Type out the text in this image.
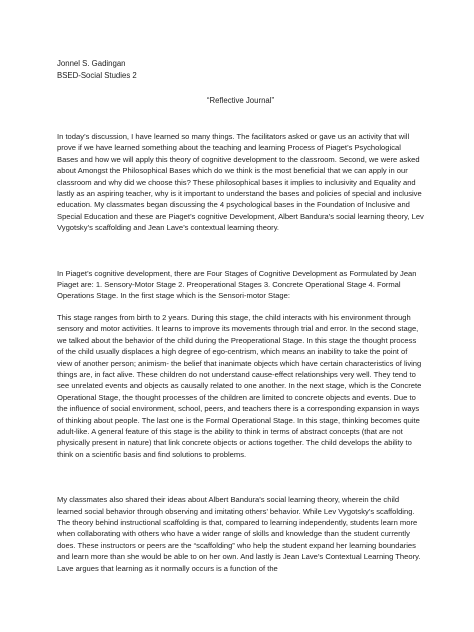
Jonnel S. Gadingan

BSED-Social Studies 2

“Reflective Journal”

In today’s discussion, I have learned so many things. The facilitators asked or gave us an activity that will prove if we have learned something about the teaching and learning Process of Piaget’s Psychological Bases and how we will apply this theory of cognitive development to the classroom. Second, we were asked about Amongst the Philosophical Bases which do we think is the most beneficial that we can apply in our classroom and why did we choose this? These philosophical bases it implies to inclusivity and Equality and lastly as an aspiring teacher, why is it important to understand the bases and policies of special and inclusive education. My classmates began discussing the 4 psychological bases in the Foundation of Inclusive and Special Education and these are Piaget’s cognitive Development, Albert Bandura’s social learning theory, Lev Vygotsky’s scaffolding and Jean Lave’s contextual learning theory.

In Piaget’s cognitive development, there are Four Stages of Cognitive Development as Formulated by Jean Piaget are: 1. Sensory-Motor Stage 2. Preoperational Stages 3. Concrete Operational Stage 4. Formal Operations Stage. In the first stage which is the Sensori-motor Stage:

This stage ranges from birth to 2 years. During this stage, the child interacts with his environment through sensory and motor activities. It learns to improve its movements through trial and error. In the second stage, we talked about the behavior of the child during the Preoperational Stage. In this stage the thought process of the child usually displaces a high degree of ego-centrism, which means an inability to take the point of view of another person; animism- the belief that inanimate objects which have certain characteristics of living things are, in fact alive. These children do not understand cause-effect relationships very well. They tend to see unrelated events and objects as causally related to one another. In the next stage, which is the Concrete Operational Stage, the thought processes of the children are limited to concrete objects and events. Due to the influence of social environment, school, peers, and teachers there is a corresponding expansion in ways of thinking about people. The last one is the Formal Operational Stage. In this stage, thinking becomes quite adult-like. A general feature of this stage is the ability to think in terms of abstract concepts (that are not physically present in nature) that link concrete objects or actions together. The child develops the ability to think on a scientific basis and find solutions to problems.

My classmates also shared their ideas about Albert Bandura’s social learning theory, wherein the child learned social behavior through observing and imitating others’ behavior. While Lev Vygotsky’s scaffolding. The theory behind instructional scaffolding is that, compared to learning independently, students learn more when collaborating with others who have a wider range of skills and knowledge than the student currently does. These instructors or peers are the “scaffolding” who help the student expand her learning boundaries and learn more than she would be able to on her own. And lastly is Jean Lave’s Contextual Learning Theory. Lave argues that learning as it normally occurs is a function of the
